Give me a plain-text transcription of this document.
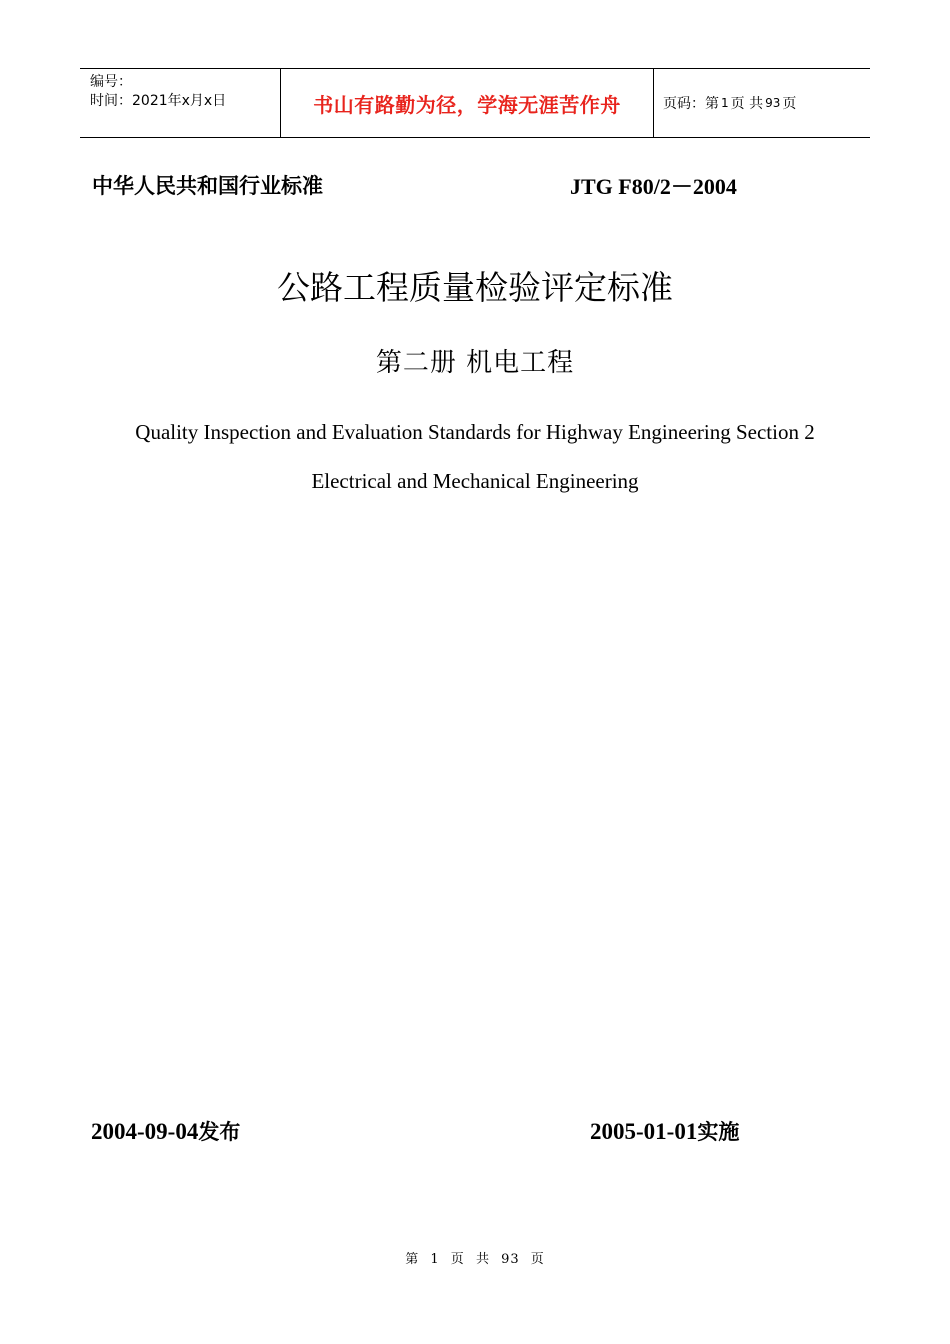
编号：
时间：2021年x月x日	书山有路勤为径，学海无涯苦作舟	页码：第 1 页 共 93 页
中华人民共和国行业标准	JTG F80/2－2004
公路工程质量检验评定标准
第二册 机电工程
Quality Inspection and Evaluation Standards for Highway Engineering Section 2
Electrical and Mechanical Engineering
2004-09-04发布	2005-01-01实施
第 1 页 共 93 页
